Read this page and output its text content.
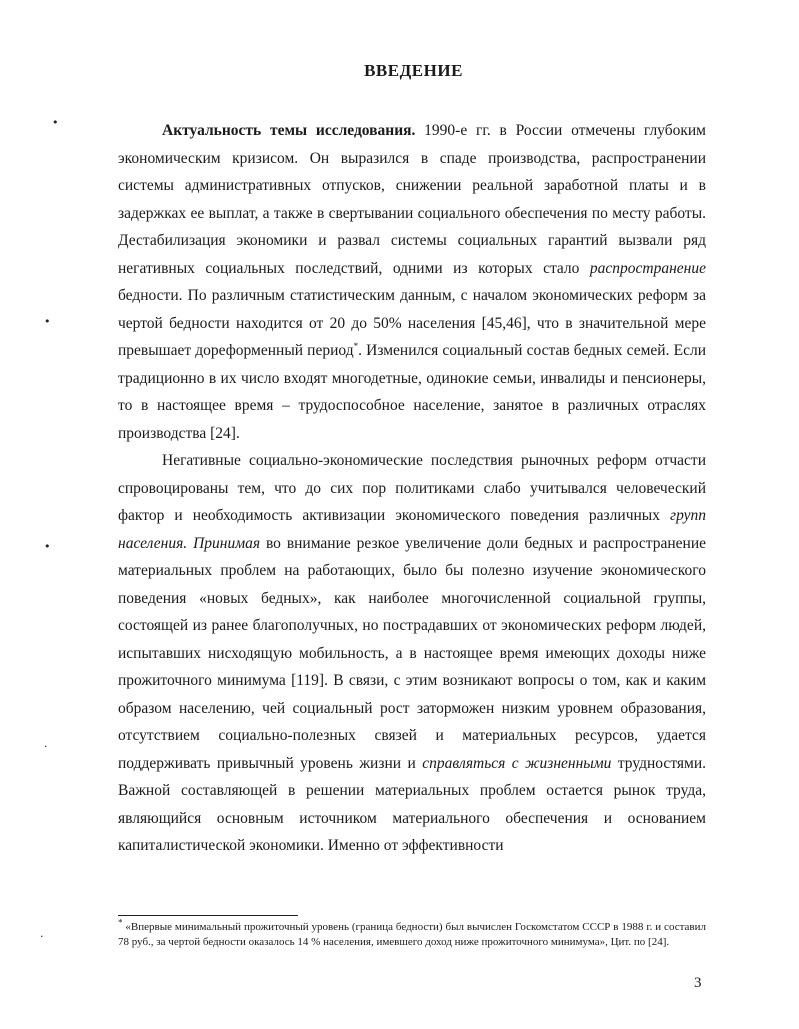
•
•
•
·
·
ВВЕДЕНИЕ

Актуальность темы исследования. 1990-е гг. в России отмечены глубоким экономическим кризисом. Он выразился в спаде производства, распространении системы административных отпусков, снижении реальной заработной платы и в задержках ее выплат, а также в свертывании социального обеспечения по месту работы. Дестабилизация экономики и развал системы социальных гарантий вызвали ряд негативных социальных последствий, одними из которых стало распространение бедности. По различным статистическим данным, с началом экономических реформ за чертой бедности находится от 20 до 50% населения [45,46], что в значительной мере превышает дореформенный период*. Изменился социальный состав бедных семей. Если традиционно в их число входят многодетные, одинокие семьи, инвалиды и пенсионеры, то в настоящее время – трудоспособное население, занятое в различных отраслях производства [24].

Негативные социально-экономические последствия рыночных реформ отчасти спровоцированы тем, что до сих пор политиками слабо учитывался человеческий фактор и необходимость активизации экономического поведения различных групп населения. Принимая во внимание резкое увеличение доли бедных и распространение материальных проблем на работающих, было бы полезно изучение экономического поведения «новых бедных», как наиболее многочисленной социальной группы, состоящей из ранее благополучных, но пострадавших от экономических реформ людей, испытавших нисходящую мобильность, а в настоящее время имеющих доходы ниже прожиточного минимума [119]. В связи, с этим возникают вопросы о том, как и каким образом населению, чей социальный рост заторможен низким уровнем образования, отсутствием социально-полезных связей и материальных ресурсов, удается поддерживать привычный уровень жизни и справляться с жизненными трудностями. Важной составляющей в решении материальных проблем остается рынок труда, являющийся основным источником материального обеспечения и основанием капиталистической экономики. Именно от эффективности

* «Впервые минимальный прожиточный уровень (граница бедности) был вычислен Госкомстатом СССР в 1988 г. и составил 78 руб., за чертой бедности оказалось 14 % населения, имевшего доход ниже прожиточного минимума», Цит. по [24].
3
